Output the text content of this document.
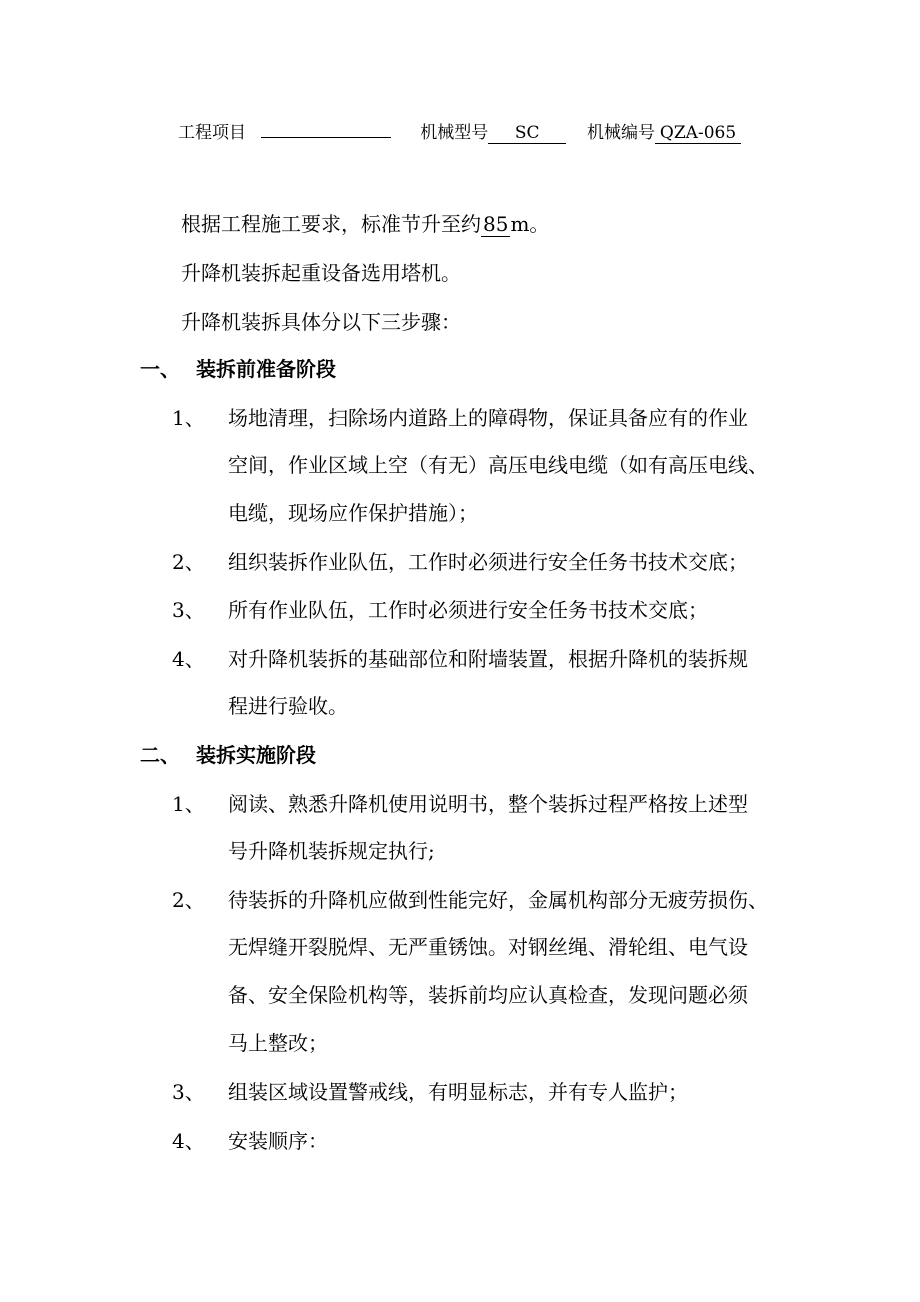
工程项目	机械型号 SC	机械编号 QZA-065
根据工程施工要求，标准节升至约 85 m。
升降机装拆起重设备选用塔机。
升降机装拆具体分以下三步骤：
一、 装拆前准备阶段
1、 场地清理，扫除场内道路上的障碍物，保证具备应有的作业
空间，作业区域上空（有无）高压电线电缆（如有高压电线、
电缆，现场应作保护措施）；
2、 组织装拆作业队伍，工作时必须进行安全任务书技术交底；
3、 所有作业队伍，工作时必须进行安全任务书技术交底；
4、 对升降机装拆的基础部位和附墙装置，根据升降机的装拆规
程进行验收。
二、 装拆实施阶段
1、 阅读、熟悉升降机使用说明书，整个装拆过程严格按上述型
号升降机装拆规定执行;
2、 待装拆的升降机应做到性能完好，金属机构部分无疲劳损伤、
无焊缝开裂脱焊、无严重锈蚀。对钢丝绳、滑轮组、电气设
备、安全保险机构等，装拆前均应认真检查，发现问题必须
马上整改；
3、 组装区域设置警戒线，有明显标志，并有专人监护；
4、 安装顺序：
